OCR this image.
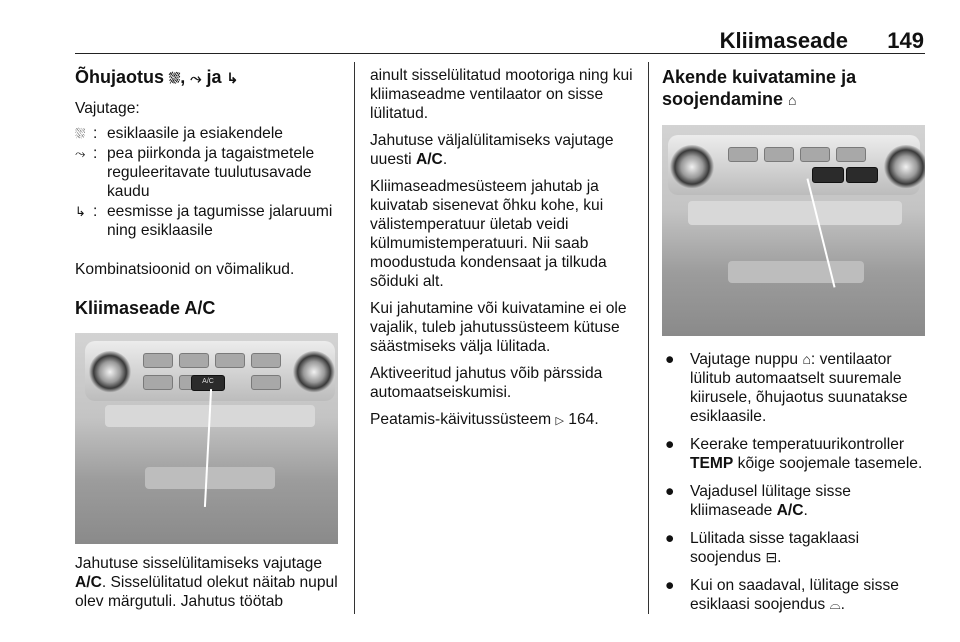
Kliimaseade 149
Õhujaotus ⛆, ⤳ ja ↳

Vajutage:

⛆ : esiklaasile ja esiakendele
⤳ : pea piirkonda ja tagaistmetele reguleeritavate tuulutusavade kaudu
↳ : eesmisse ja tagumisse jalaruumi ning esiklaasile

Kombinatsioonid on võimalikud.

Kliimaseade A/C
A/C

Jahutuse sisselülitamiseks vajutage
A/C. Sisselülitatud olekut näitab nupul olev märgutuli. Jahutus töötab

ainult sisselülitatud mootoriga ning kui kliimaseadme ventilaator on sisse lülitatud.

Jahutuse väljalülitamiseks vajutage uuesti A/C.

Kliimaseadmesüsteem jahutab ja kuivatab sisenevat õhku kohe, kui välistemperatuur ületab veidi külmumistemperatuuri. Nii saab moodustuda kondensaat ja tilkuda sõiduki alt.

Kui jahutamine või kuivatamine ei ole vajalik, tuleb jahutussüsteem kütuse säästmiseks välja lülitada.

Aktiveeritud jahutus võib pärssida automaatseiskumisi.

Peatamis-käivitussüsteem ▷ 164.

Akende kuivatamine ja
soojendamine ⌂
● Vajutage nuppu ⌂: ventilaator lülitub automaatselt suuremale kiirusele, õhujaotus suunatakse esiklaasile.
● Keerake temperatuurikontroller TEMP kõige soojemale tasemele.
● Vajadusel lülitage sisse kliimaseade A/C.
● Lülitada sisse tagaklaasi soojendus ⊟.
● Kui on saadaval, lülitage sisse esiklaasi soojendus ⌓.
